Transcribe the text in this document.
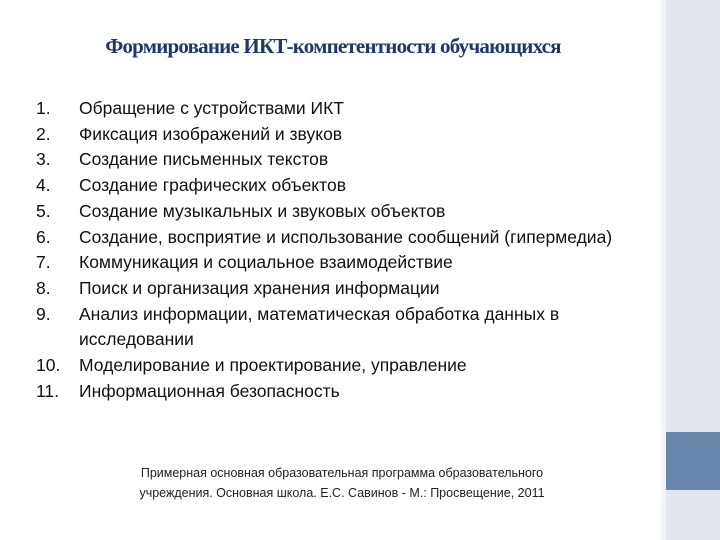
Формирование ИКТ-компетентности обучающихся
1.	Обращение с устройствами ИКТ
2.	Фиксация изображений и звуков
3.	Создание письменных текстов
4.	Создание графических объектов
5.	Создание музыкальных и звуковых объектов
6.	Создание, восприятие и использование сообщений (гипермедиа)
7.	Коммуникация и социальное взаимодействие
8.	Поиск и организация хранения информации
9.	Анализ информации, математическая обработка данных в исследовании
10.	Моделирование и проектирование, управление
11.	Информационная безопасность
Примерная основная образовательная программа образовательного
учреждения. Основная школа. Е.С. Савинов - М.: Просвещение, 2011
